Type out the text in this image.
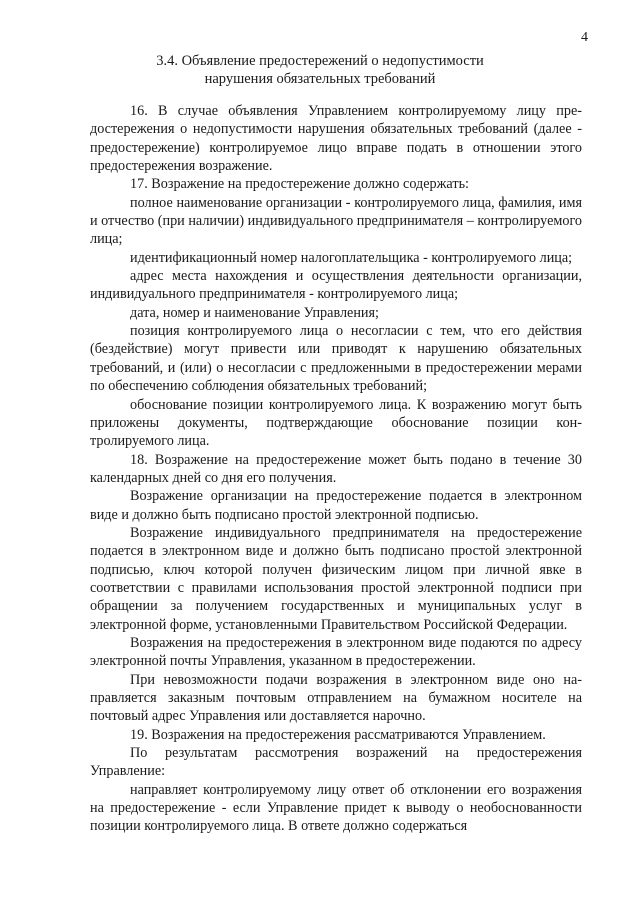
4
3.4. Объявление предостережений о недопустимости
нарушения обязательных требований

16. В случае объявления Управлением контролируемому лицу предостережения о недопустимости нарушения обязательных требований (далее - предостережение) контролируемое лицо вправе подать в отношении этого предостережения возражение.

17. Возражение на предостережение должно содержать:

полное наименование организации - контролируемого лица, фамилия, имя и отчество (при наличии) индивидуального предпринимателя – контролируемого лица;

идентификационный номер налогоплательщика - контролируемого лица;

адрес места нахождения и осуществления деятельности организации, индивидуального предпринимателя - контролируемого лица;

дата, номер и наименование Управления;

позиция контролируемого лица о несогласии с тем, что его действия (бездействие) могут привести или приводят к нарушению обязательных требований, и (или) о несогласии с предложенными в предостережении мерами по обеспечению соблюдения обязательных требований;

обоснование позиции контролируемого лица. К возражению могут быть приложены документы, подтверждающие обоснование позиции контролируемого лица.

18. Возражение на предостережение может быть подано в течение 30 календарных дней со дня его получения.

Возражение организации на предостережение подается в электронном виде и должно быть подписано простой электронной подписью.

Возражение индивидуального предпринимателя на предостережение подается в электронном виде и должно быть подписано простой электронной подписью, ключ которой получен физическим лицом при личной явке в соответствии с правилами использования простой электронной подписи при обращении за получением государственных и муниципальных услуг в электронной форме, установленными Правительством Российской Федерации.

Возражения на предостережения в электронном виде подаются по адресу электронной почты Управления, указанном в предостережении.

При невозможности подачи возражения в электронном виде оно направляется заказным почтовым отправлением на бумажном носителе на почтовый адрес Управления или доставляется нарочно.

19. Возражения на предостережения рассматриваются Управлением.

По результатам рассмотрения возражений на предостережения Управление:

направляет контролируемому лицу ответ об отклонении его возражения на предостережение - если Управление придет к выводу о необоснованности позиции контролируемого лица. В ответе должно содержаться
